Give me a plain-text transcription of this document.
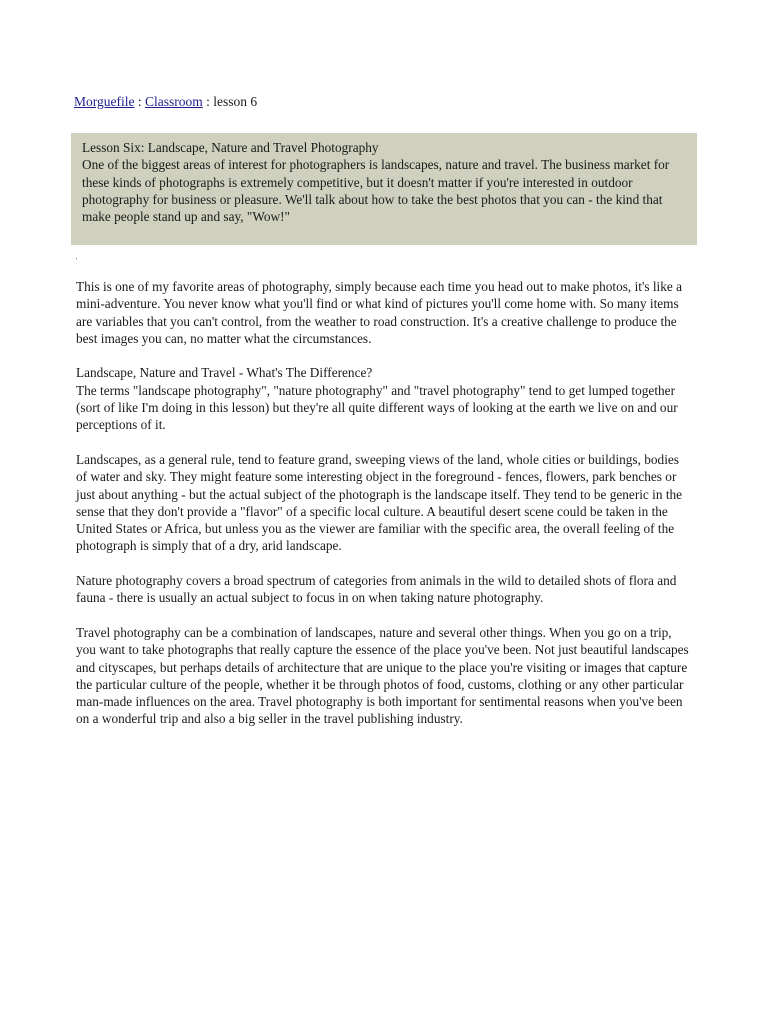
Morguefile : Classroom : lesson 6
Lesson Six: Landscape, Nature and Travel Photography
One of the biggest areas of interest for photographers is landscapes, nature and travel. The business market for these kinds of photographs is extremely competitive, but it doesn't matter if you're interested in outdoor photography for business or pleasure. We'll talk about how to take the best photos that you can - the kind that make people stand up and say, "Wow!"
ˈ

This is one of my favorite areas of photography, simply because each time you head out to make photos, it's like a mini-adventure. You never know what you'll find or what kind of pictures you'll come home with. So many items are variables that you can't control, from the weather to road construction. It's a creative challenge to produce the best images you can, no matter what the circumstances.

Landscape, Nature and Travel - What's The Difference?
The terms "landscape photography", "nature photography" and "travel photography" tend to get lumped together (sort of like I'm doing in this lesson) but they're all quite different ways of looking at the earth we live on and our perceptions of it.

Landscapes, as a general rule, tend to feature grand, sweeping views of the land, whole cities or buildings, bodies of water and sky. They might feature some interesting object in the foreground - fences, flowers, park benches or just about anything - but the actual subject of the photograph is the landscape itself. They tend to be generic in the sense that they don't provide a "flavor" of a specific local culture. A beautiful desert scene could be taken in the United States or Africa, but unless you as the viewer are familiar with the specific area, the overall feeling of the photograph is simply that of a dry, arid landscape.

Nature photography covers a broad spectrum of categories from animals in the wild to detailed shots of flora and fauna - there is usually an actual subject to focus in on when taking nature photography.

Travel photography can be a combination of landscapes, nature and several other things. When you go on a trip, you want to take photographs that really capture the essence of the place you've been. Not just beautiful landscapes and cityscapes, but perhaps details of architecture that are unique to the place you're visiting or images that capture the particular culture of the people, whether it be through photos of food, customs, clothing or any other particular man-made influences on the area. Travel photography is both important for sentimental reasons when you've been on a wonderful trip and also a big seller in the travel publishing industry.
